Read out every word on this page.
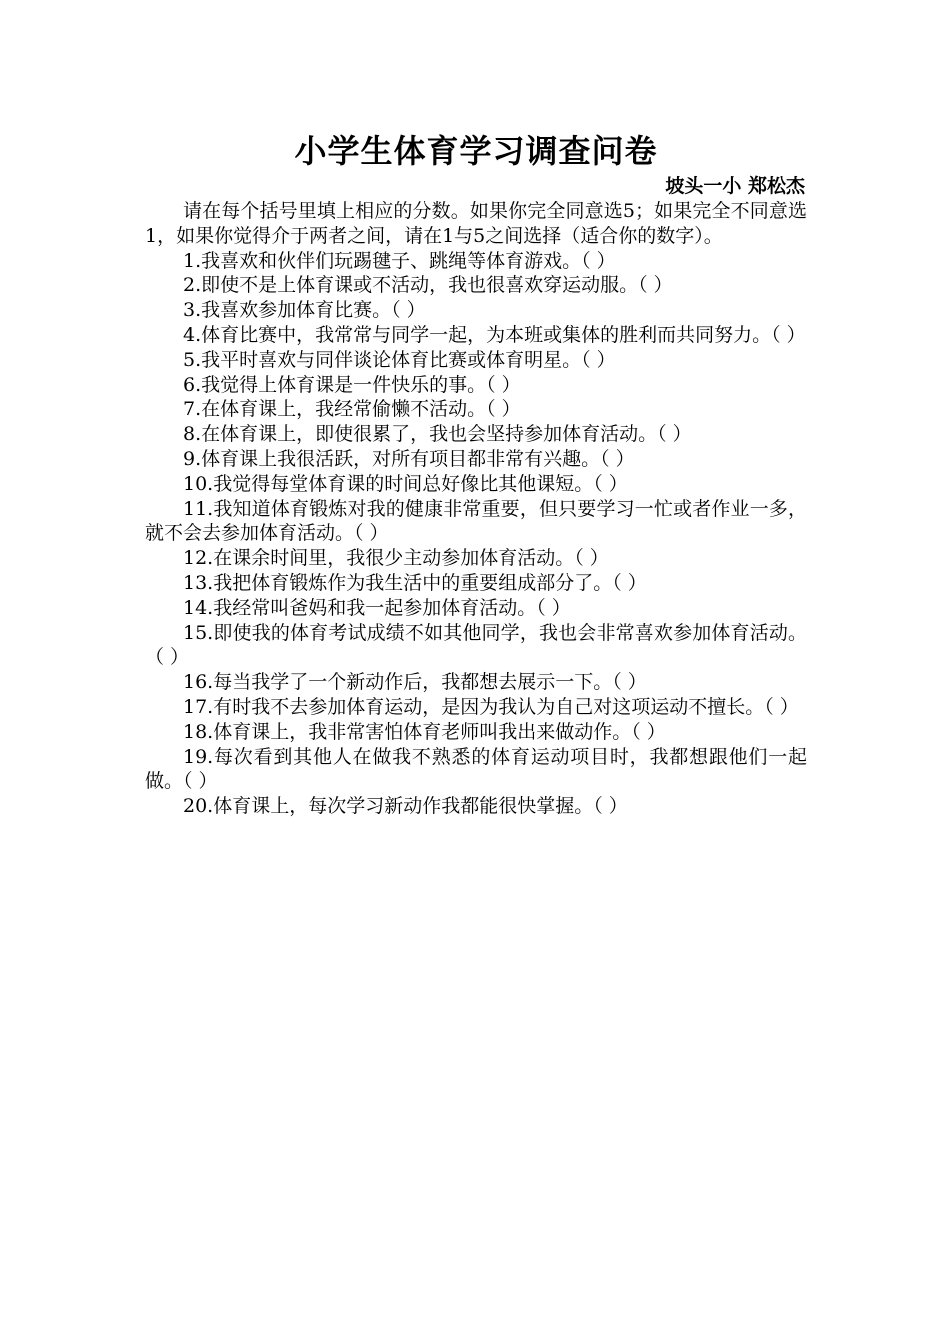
小学生体育学习调查问卷

坡头一小 郑松杰

请在每个括号里填上相应的分数。如果你完全同意选5；如果完全不同意选1，如果你觉得介于两者之间，请在1与5之间选择（适合你的数字）。

1.我喜欢和伙伴们玩踢毽子、跳绳等体育游戏。（ ）

2.即使不是上体育课或不活动，我也很喜欢穿运动服。（ ）

3.我喜欢参加体育比赛。（ ）

4.体育比赛中，我常常与同学一起，为本班或集体的胜利而共同努力。（ ）

5.我平时喜欢与同伴谈论体育比赛或体育明星。（ ）

6.我觉得上体育课是一件快乐的事。（ ）

7.在体育课上，我经常偷懒不活动。（ ）

8.在体育课上，即使很累了，我也会坚持参加体育活动。（ ）

9.体育课上我很活跃，对所有项目都非常有兴趣。（ ）

10.我觉得每堂体育课的时间总好像比其他课短。（ ）

11.我知道体育锻炼对我的健康非常重要，但只要学习一忙或者作业一多，就不会去参加体育活动。（ ）

12.在课余时间里，我很少主动参加体育活动。（ ）

13.我把体育锻炼作为我生活中的重要组成部分了。（ ）

14.我经常叫爸妈和我一起参加体育活动。（ ）

15.即使我的体育考试成绩不如其他同学，我也会非常喜欢参加体育活动。（ ）

16.每当我学了一个新动作后，我都想去展示一下。（ ）

17.有时我不去参加体育运动，是因为我认为自己对这项运动不擅长。（ ）

18.体育课上，我非常害怕体育老师叫我出来做动作。（ ）

19.每次看到其他人在做我不熟悉的体育运动项目时，我都想跟他们一起做。（ ）

20.体育课上，每次学习新动作我都能很快掌握。（ ）
